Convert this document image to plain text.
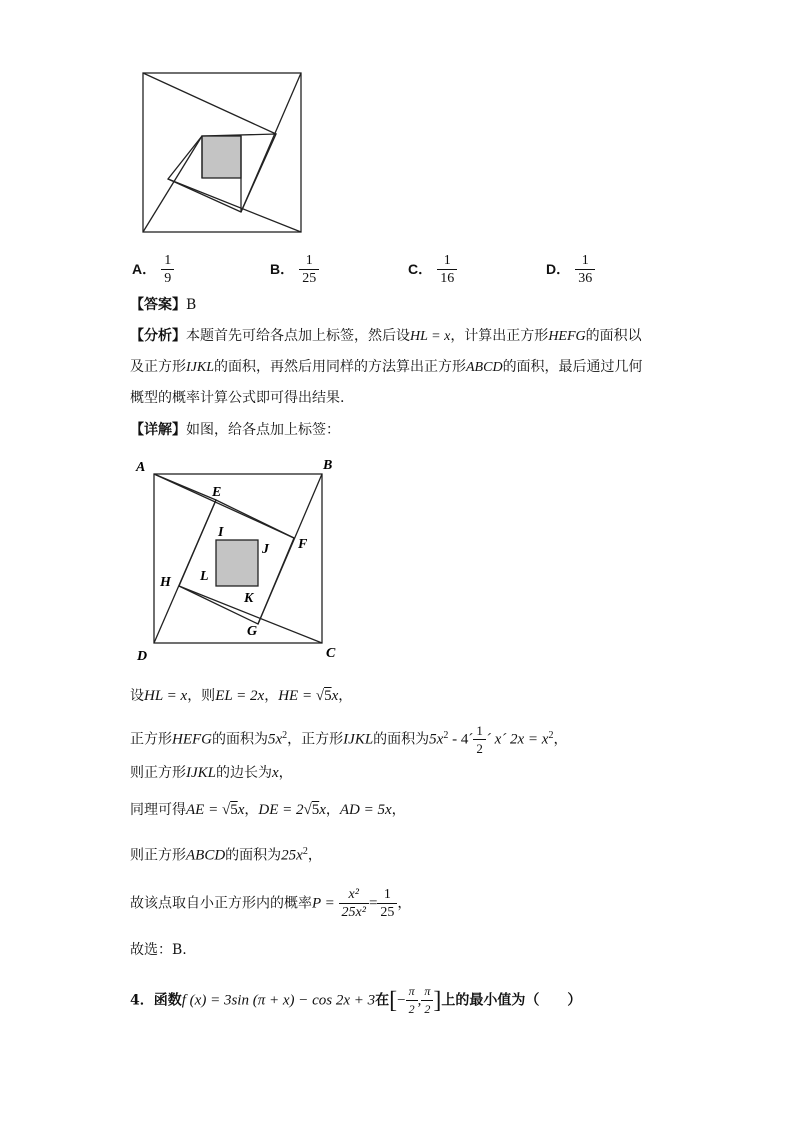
A． $\frac{1}{9}$	B． $\frac{1}{25}$	C． $\frac{1}{16}$	D． $\frac{1}{36}$
【答案】B
【分析】本题首先可给各点加上标签，然后设HL = x，计算出正方形HEFG的面积以
及正方形IJKL的面积，再然后用同样的方法算出正方形ABCD的面积，最后通过几何
概型的概率计算公式即可得出结果.
【详解】如图，给各点加上标签：
A	B
C
D
E
F
G
H
I
J
K
L
设HL = x，则EL = 2x，HE = √5x，
正方形HEFG的面积为$5x^2$，正方形IJKL的面积为$5x^2$ - 4´ $\frac{1}{2}$ ´ x´ $2x = x^2$，
则正方形IJKL的边长为x，
同理可得AE = √5x，DE = 2√5x，AD = 5x，
则正方形ABCD的面积为$25x^2$，
故该点取自小正方形内的概率$P = \frac{\text{x²}}{\text{25x²}} = \frac{1}{25}$ ，
故选：B.
4．函数f (x) = 3sin (π + x) − cos 2x + 3在[− $\frac{\pi}{2}$ , $\frac{\pi}{2}$ ]上的最小值为（　　）
